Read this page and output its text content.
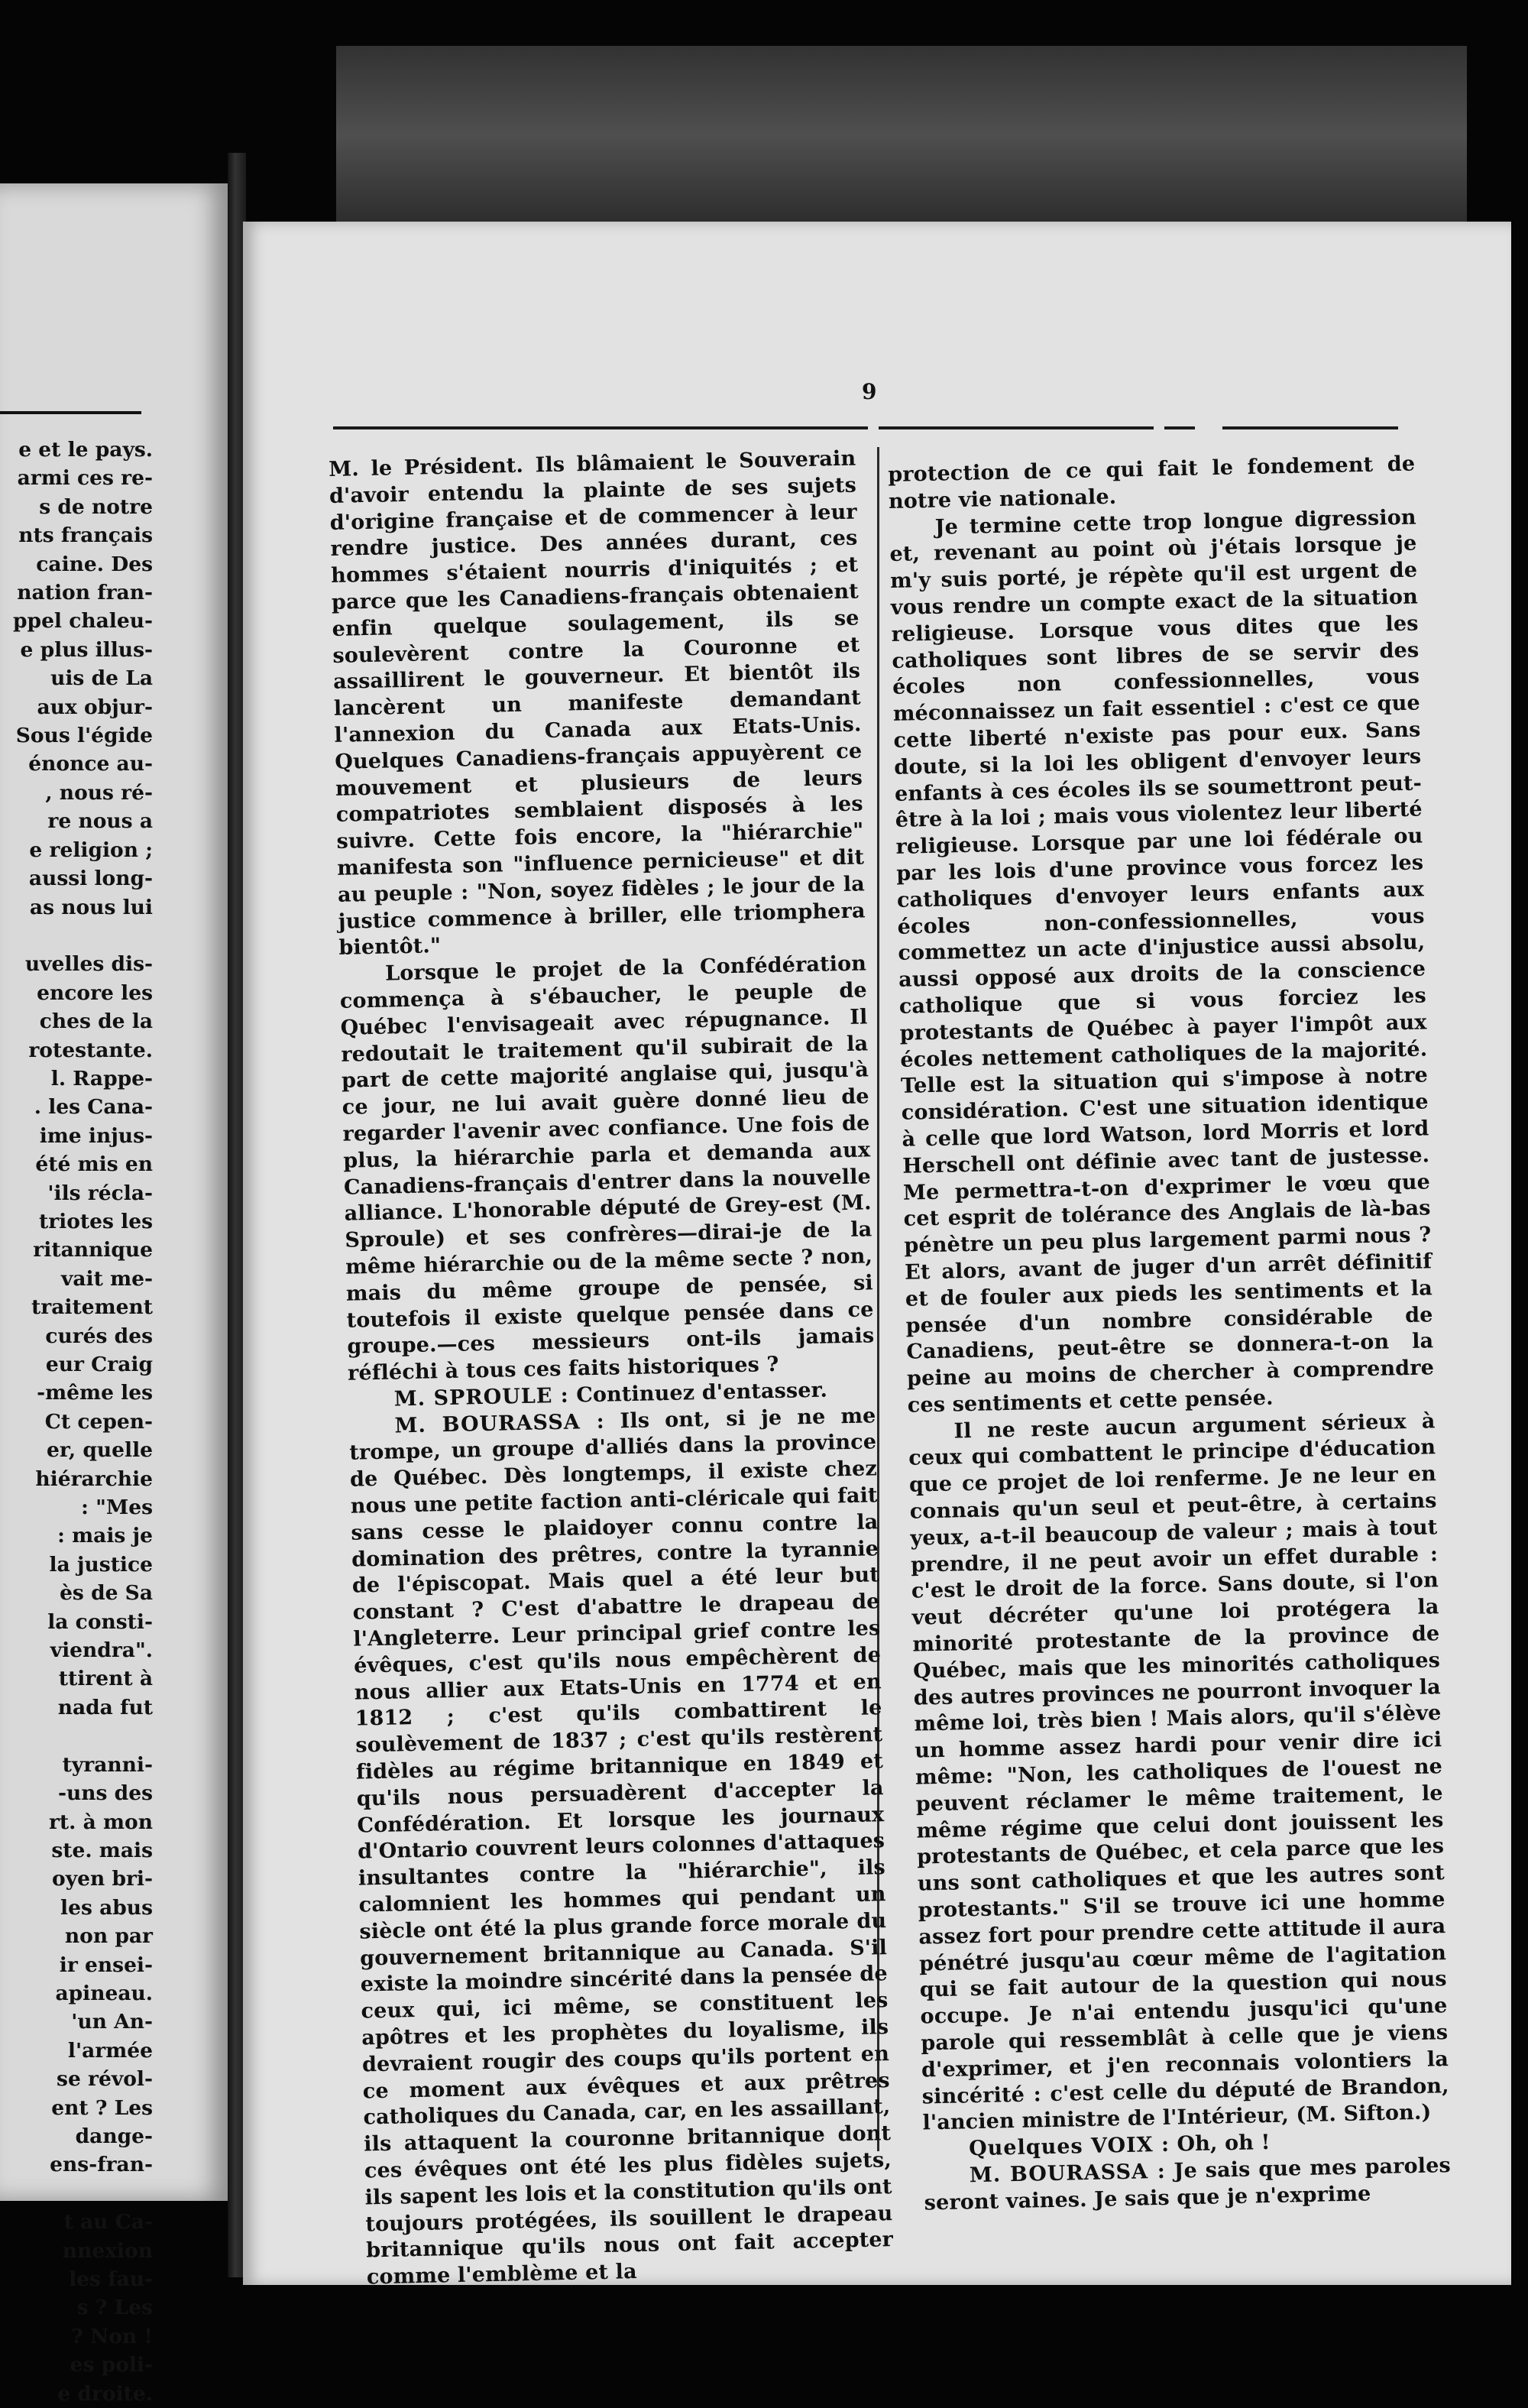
e et le pays.
armi ces re-
s de notre
nts français
caine. Des
nation fran-
ppel chaleu-
e plus illus-
uis de La
aux objur-
Sous l'égide
énonce au-
, nous ré-
re nous a
e religion ;
aussi long-
as nous lui

uvelles dis-
encore les
ches de la
rotestante.
l. Rappe-
. les Cana-
ime injus-
été mis en
'ils récla-
triotes les
ritannique
vait me-
traitement
curés des
eur Craig
-même les
Ct cepen-
er, quelle
hiérarchie
: "Mes
: mais je
la justice
ès de Sa
la consti-
viendra".
ttirent à
nada fut

tyranni-
-uns des
rt. à mon
ste. mais
oyen bri-
les abus
non par
ir ensei-
apineau.
'un An-
l'armée
se révol-
ent ? Les
dange-
ens-fran-

t au Ca-
nnexion
les fau-
s ? Les
? Non !
es poli-
e droite.
9

M. le Président. Ils blâmaient le Souverain d'avoir entendu la plainte de ses sujets d'origine française et de commencer à leur rendre justice. Des années durant, ces hommes s'étaient nourris d'iniquités ; et parce que les Canadiens-français obtenaient enfin quelque soulagement, ils se soulevèrent contre la Couronne et assaillirent le gouverneur. Et bientôt ils lancèrent un manifeste demandant l'annexion du Canada aux Etats-Unis. Quelques Canadiens-français appuyèrent ce mouvement et plusieurs de leurs compatriotes semblaient disposés à les suivre. Cette fois encore, la "hiérarchie" manifesta son "influence pernicieuse" et dit au peuple : "Non, soyez fidèles ; le jour de la justice commence à briller, elle triomphera bientôt."

Lorsque le projet de la Confédération commença à s'ébaucher, le peuple de Québec l'envisageait avec répugnance. Il redoutait le traitement qu'il subirait de la part de cette majorité anglaise qui, jusqu'à ce jour, ne lui avait guère donné lieu de regarder l'avenir avec confiance. Une fois de plus, la hiérarchie parla et demanda aux Canadiens-français d'entrer dans la nouvelle alliance. L'honorable député de Grey-est (M. Sproule) et ses confrères—dirai-je de la même hiérarchie ou de la même secte ? non, mais du même groupe de pensée, si toutefois il existe quelque pensée dans ce groupe.—ces messieurs ont-ils jamais réfléchi à tous ces faits historiques ?

M. SPROULE : Continuez d'entasser.

M. BOURASSA : Ils ont, si je ne me trompe, un groupe d'alliés dans la province de Québec. Dès longtemps, il existe chez nous une petite faction anti-cléricale qui fait sans cesse le plaidoyer connu contre la domination des prêtres, contre la tyrannie de l'épiscopat. Mais quel a été leur but constant ? C'est d'abattre le drapeau de l'Angleterre. Leur principal grief contre les évêques, c'est qu'ils nous empêchèrent de nous allier aux Etats-Unis en 1774 et en 1812 ; c'est qu'ils combattirent le soulèvement de 1837 ; c'est qu'ils restèrent fidèles au régime britannique en 1849 et qu'ils nous persuadèrent d'accepter la Confédération. Et lorsque les journaux d'Ontario couvrent leurs colonnes d'attaques insultantes contre la "hiérarchie", ils calomnient les hommes qui pendant un siècle ont été la plus grande force morale du gouvernement britannique au Canada. S'il existe la moindre sincérité dans la pensée de ceux qui, ici même, se constituent les apôtres et les prophètes du loyalisme, ils devraient rougir des coups qu'ils portent en ce moment aux évêques et aux prêtres catholiques du Canada, car, en les assaillant, ils attaquent la couronne britannique dont ces évêques ont été les plus fidèles sujets, ils sapent les lois et la constitution qu'ils ont toujours protégées, ils souillent le drapeau britannique qu'ils nous ont fait accepter comme l'emblème et la

protection de ce qui fait le fondement de notre vie nationale.

Je termine cette trop longue digression et, revenant au point où j'étais lorsque je m'y suis porté, je répète qu'il est urgent de vous rendre un compte exact de la situation religieuse. Lorsque vous dites que les catholiques sont libres de se servir des écoles non confessionnelles, vous méconnaissez un fait essentiel : c'est ce que cette liberté n'existe pas pour eux. Sans doute, si la loi les obligent d'envoyer leurs enfants à ces écoles ils se soumettront peut-être à la loi ; mais vous violentez leur liberté religieuse. Lorsque par une loi fédérale ou par les lois d'une province vous forcez les catholiques d'envoyer leurs enfants aux écoles non-confessionnelles, vous commettez un acte d'injustice aussi absolu, aussi opposé aux droits de la conscience catholique que si vous forciez les protestants de Québec à payer l'impôt aux écoles nettement catholiques de la majorité. Telle est la situation qui s'impose à notre considération. C'est une situation identique à celle que lord Watson, lord Morris et lord Herschell ont définie avec tant de justesse. Me permettra-t-on d'exprimer le vœu que cet esprit de tolérance des Anglais de là-bas pénètre un peu plus largement parmi nous ? Et alors, avant de juger d'un arrêt définitif et de fouler aux pieds les sentiments et la pensée d'un nombre considérable de Canadiens, peut-être se donnera-t-on la peine au moins de chercher à comprendre ces sentiments et cette pensée.

Il ne reste aucun argument sérieux à ceux qui combattent le principe d'éducation que ce projet de loi renferme. Je ne leur en connais qu'un seul et peut-être, à certains yeux, a-t-il beaucoup de valeur ; mais à tout prendre, il ne peut avoir un effet durable : c'est le droit de la force. Sans doute, si l'on veut décréter qu'une loi protégera la minorité protestante de la province de Québec, mais que les minorités catholiques des autres provinces ne pourront invoquer la même loi, très bien ! Mais alors, qu'il s'élève un homme assez hardi pour venir dire ici même: "Non, les catholiques de l'ouest ne peuvent réclamer le même traitement, le même régime que celui dont jouissent les protestants de Québec, et cela parce que les uns sont catholiques et que les autres sont protestants." S'il se trouve ici une homme assez fort pour prendre cette attitude il aura pénétré jusqu'au cœur même de l'agitation qui se fait autour de la question qui nous occupe. Je n'ai entendu jusqu'ici qu'une parole qui ressemblât à celle que je viens d'exprimer, et j'en reconnais volontiers la sincérité : c'est celle du député de Brandon, l'ancien ministre de l'Intérieur, (M. Sifton.)

Quelques VOIX : Oh, oh !

M. BOURASSA : Je sais que mes paroles seront vaines. Je sais que je n'exprime
